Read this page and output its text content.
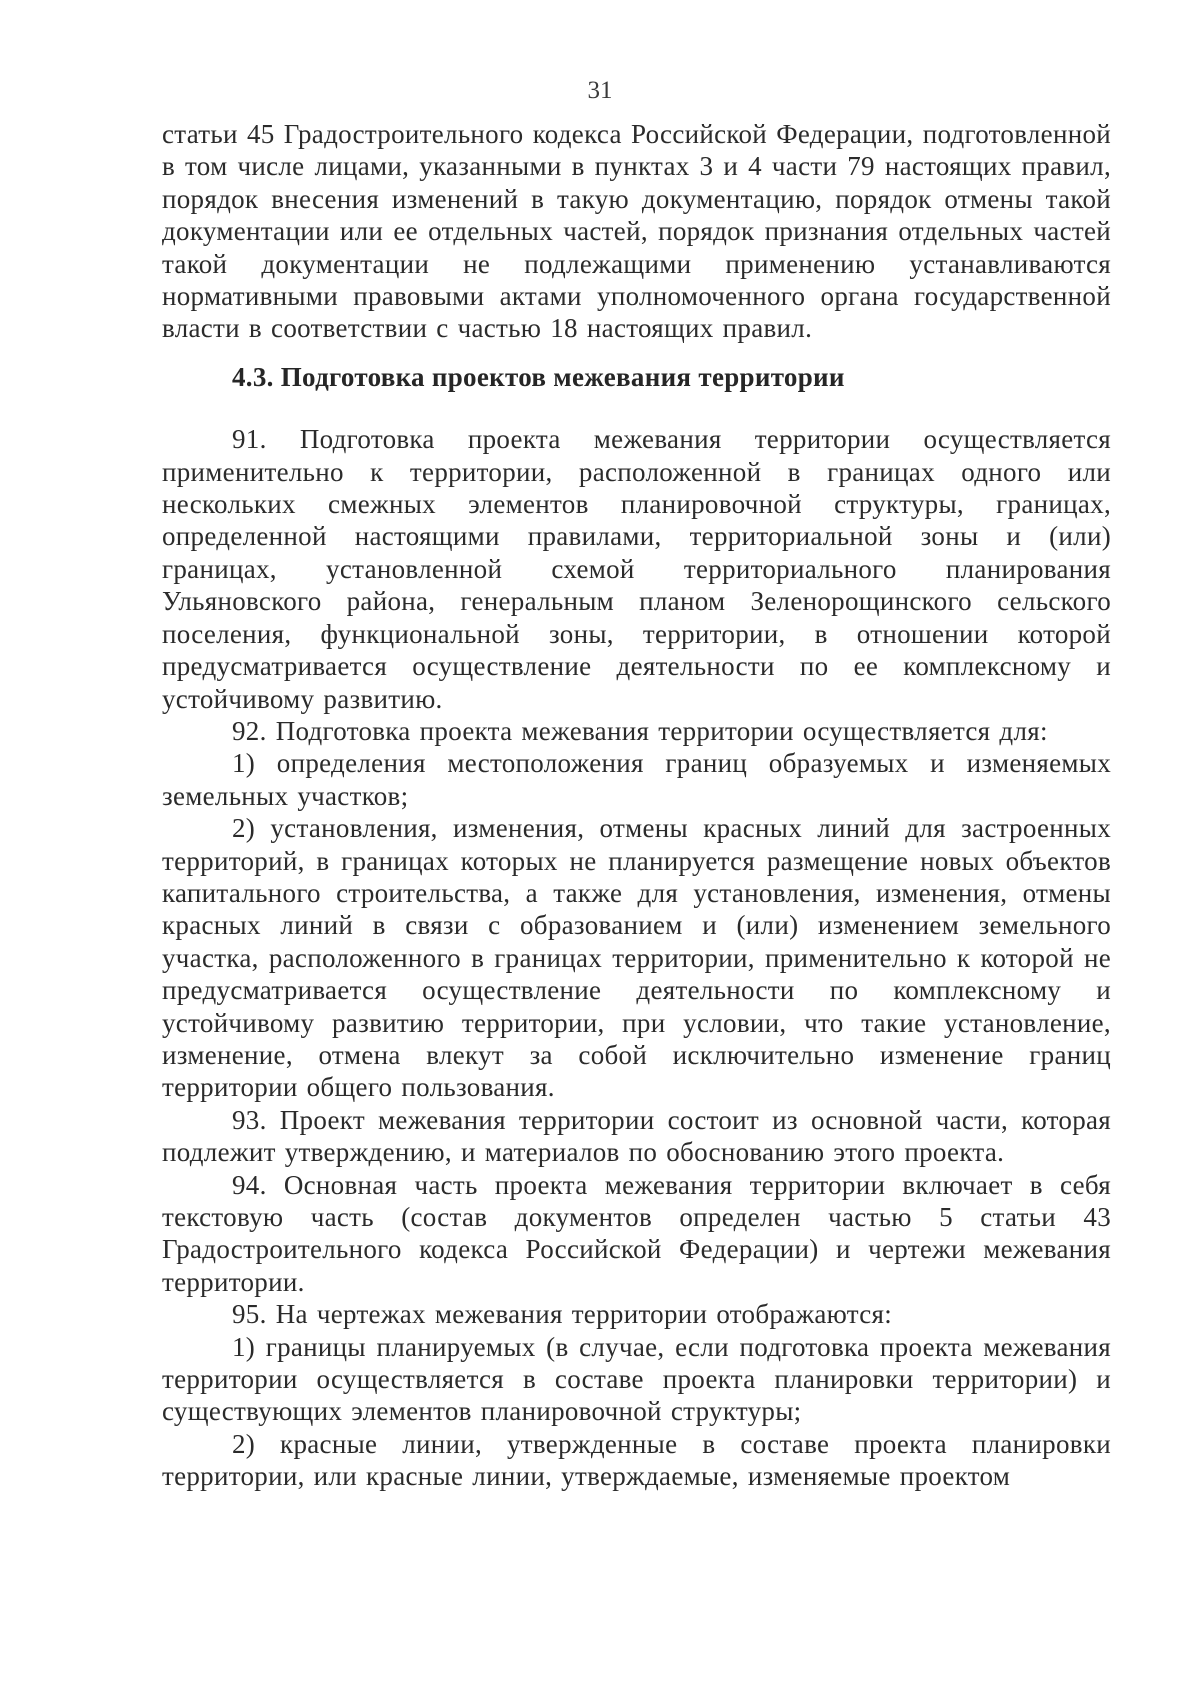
31

статьи 45 Градостроительного кодекса Российской Федерации, подготовленной в том числе лицами, указанными в пунктах 3 и 4 части 79 настоящих правил, порядок внесения изменений в такую документацию, порядок отмены такой документации или ее отдельных частей, порядок признания отдельных частей такой документации не подлежащими применению устанавливаются нормативными правовыми актами уполномоченного органа государственной власти в соответствии с частью 18 настоящих правил.

4.3. Подготовка проектов межевания территории

91. Подготовка проекта межевания территории осуществляется применительно к территории, расположенной в границах одного или нескольких смежных элементов планировочной структуры, границах, определенной настоящими правилами, территориальной зоны и (или) границах, установленной схемой территориального планирования Ульяновского района, генеральным планом Зеленорощинского сельского поселения, функциональной зоны, территории, в отношении которой предусматривается осуществление деятельности по ее комплексному и устойчивому развитию.

92. Подготовка проекта межевания территории осуществляется для:

1) определения местоположения границ образуемых и изменяемых земельных участков;

2) установления, изменения, отмены красных линий для застроенных территорий, в границах которых не планируется размещение новых объектов капитального строительства, а также для установления, изменения, отмены красных линий в связи с образованием и (или) изменением земельного участка, расположенного в границах территории, применительно к которой не предусматривается осуществление деятельности по комплексному и устойчивому развитию территории, при условии, что такие установление, изменение, отмена влекут за собой исключительно изменение границ территории общего пользования.

93. Проект межевания территории состоит из основной части, которая подлежит утверждению, и материалов по обоснованию этого проекта.

94. Основная часть проекта межевания территории включает в себя текстовую часть (состав документов определен частью 5 статьи 43 Градостроительного кодекса Российской Федерации) и чертежи межевания территории.

95. На чертежах межевания территории отображаются:

1) границы планируемых (в случае, если подготовка проекта межевания территории осуществляется в составе проекта планировки территории) и существующих элементов планировочной структуры;

2) красные линии, утвержденные в составе проекта планировки территории, или красные линии, утверждаемые, изменяемые проектом
